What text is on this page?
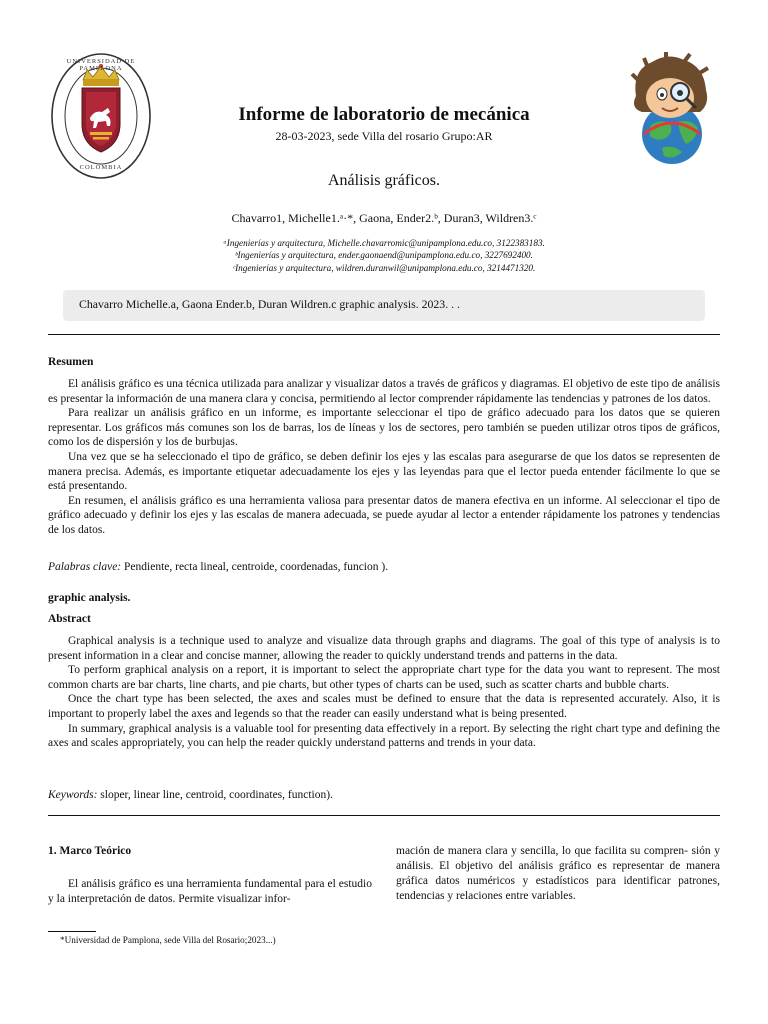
UNIVERSIDAD DE PAMPLONA
COLOMBIA
Informe de laboratorio de mecánica
28-03-2023, sede Villa del rosario Grupo:AR
Análisis gráficos.
Chavarro1, Michelle1.ᵃ·*, Gaona, Ender2.ᵇ, Duran3, Wildren3.ᶜ
ᵃIngenierías y arquitectura, Michelle.chavarromic@unipamplona.edu.co, 3122383183.
ᵇIngenierías y arquitectura, ender.gaonaend@unipamplona.edu.co, 3227692400.
ᶜIngenierías y arquitectura, wildren.duranwil@unipamplona.edu.co, 3214471320.
Chavarro Michelle.a, Gaona Ender.b, Duran Wildren.c graphic analysis. 2023. . .
Resumen

El análisis gráfico es una técnica utilizada para analizar y visualizar datos a través de gráficos y diagramas. El objetivo de este tipo de análisis es presentar la información de una manera clara y concisa, permitiendo al lector comprender rápidamente las tendencias y patrones de los datos.

Para realizar un análisis gráfico en un informe, es importante seleccionar el tipo de gráfico adecuado para los datos que se quieren representar. Los gráficos más comunes son los de barras, los de líneas y los de sectores, pero también se pueden utilizar otros tipos de gráficos, como los de dispersión y los de burbujas.

Una vez que se ha seleccionado el tipo de gráfico, se deben definir los ejes y las escalas para asegurarse de que los datos se representen de manera precisa. Además, es importante etiquetar adecuadamente los ejes y las leyendas para que el lector pueda entender fácilmente lo que se está presentando.

En resumen, el análisis gráfico es una herramienta valiosa para presentar datos de manera efectiva en un informe. Al seleccionar el tipo de gráfico adecuado y definir los ejes y las escalas de manera adecuada, se puede ayudar al lector a entender rápidamente los patrones y tendencias de los datos.

Palabras clave: Pendiente, recta lineal, centroide, coordenadas, funcion ).
graphic analysis.
Abstract

Graphical analysis is a technique used to analyze and visualize data through graphs and diagrams. The goal of this type of analysis is to present information in a clear and concise manner, allowing the reader to quickly understand trends and patterns in the data.

To perform graphical analysis on a report, it is important to select the appropriate chart type for the data you want to represent. The most common charts are bar charts, line charts, and pie charts, but other types of charts can be used, such as scatter charts and bubble charts.

Once the chart type has been selected, the axes and scales must be defined to ensure that the data is represented accurately. Also, it is important to properly label the axes and legends so that the reader can easily understand what is being presented.

In summary, graphical analysis is a valuable tool for presenting data effectively in a report. By selecting the right chart type and defining the axes and scales appropriately, you can help the reader quickly understand patterns and trends in your data.

Keywords: sloper, linear line, centroid, coordinates, function).
1. Marco Teórico

El análisis gráfico es una herramienta fundamental para el estudio y la interpretación de datos. Permite visualizar infor-

mación de manera clara y sencilla, lo que facilita su compren- sión y análisis. El objetivo del análisis gráfico es representar de manera gráfica datos numéricos y estadísticos para identificar patrones, tendencias y relaciones entre variables.

*Universidad de Pamplona, sede Villa del Rosario;2023...)
